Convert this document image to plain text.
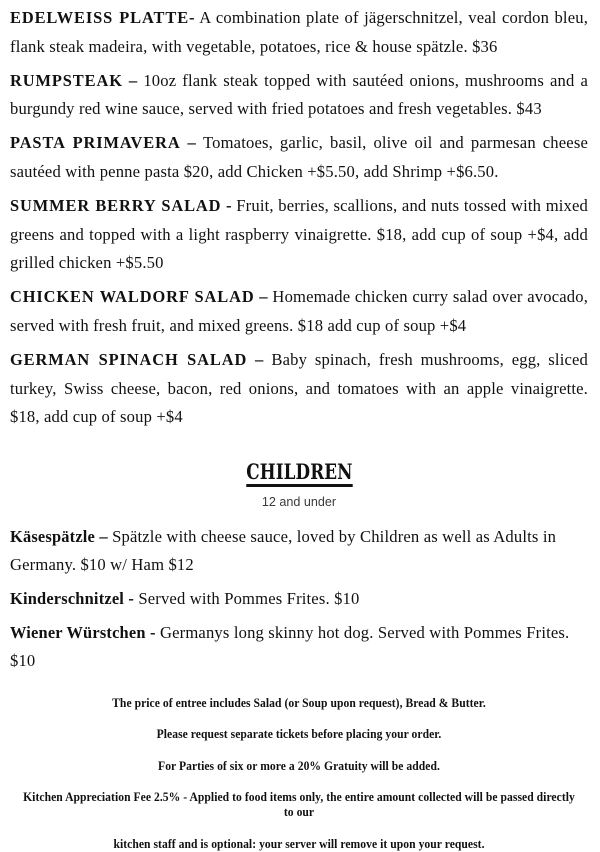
EDELWEISS PLATTE- A combination plate of jägerschnitzel, veal cordon bleu, flank steak madeira, with vegetable, potatoes, rice & house spätzle. $36
RUMPSTEAK – 10oz flank steak topped with sautéed onions, mushrooms and a burgundy red wine sauce, served with fried potatoes and fresh vegetables. $43
PASTA PRIMAVERA – Tomatoes, garlic, basil, olive oil and parmesan cheese sautéed with penne pasta $20, add Chicken +$5.50, add Shrimp +$6.50.
SUMMER BERRY SALAD - Fruit, berries, scallions, and nuts tossed with mixed greens and topped with a light raspberry vinaigrette. $18, add cup of soup +$4, add grilled chicken +$5.50
CHICKEN WALDORF SALAD – Homemade chicken curry salad over avocado, served with fresh fruit, and mixed greens. $18 add cup of soup +$4
GERMAN SPINACH SALAD – Baby spinach, fresh mushrooms, egg, sliced turkey, Swiss cheese, bacon, red onions, and tomatoes with an apple vinaigrette. $18, add cup of soup +$4
CHILDREN
12 and under
Käsespätzle – Spätzle with cheese sauce, loved by Children as well as Adults in Germany. $10 w/ Ham $12
Kinderschnitzel - Served with Pommes Frites. $10
Wiener Würstchen - Germanys long skinny hot dog. Served with Pommes Frites. $10
The price of entree includes Salad (or Soup upon request), Bread & Butter.
Please request separate tickets before placing your order.
For Parties of six or more a 20% Gratuity will be added.
Kitchen Appreciation Fee 2.5% - Applied to food items only, the entire amount collected will be passed directly to our
kitchen staff and is optional: your server will remove it upon your request.
